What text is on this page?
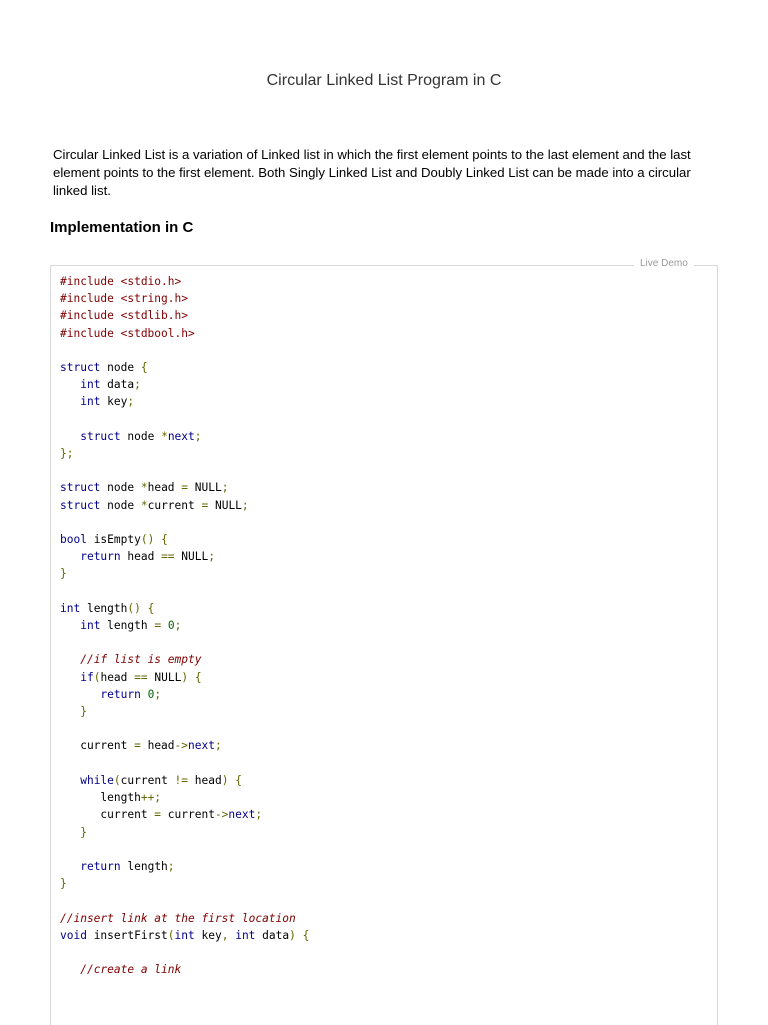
Circular Linked List Program in C

Circular Linked List is a variation of Linked list in which the first element points to the last element and the last element points to the first element. Both Singly Linked List and Doubly Linked List can be made into a circular linked list.

Implementation in C
Live Demo
#include <stdio.h>
#include <string.h>
#include <stdlib.h>
#include <stdbool.h>

struct node {
int data;
int key;

struct node *next;
};

struct node *head = NULL;
struct node *current = NULL;

bool isEmpty() {
return head == NULL;
}

int length() {
int length = 0;

//if list is empty
if(head == NULL) {
return 0;
}

current = head->next;

while(current != head) {
length++;
current = current->next;
}

return length;
}

//insert link at the first location
void insertFirst(int key, int data) {

//create a link
